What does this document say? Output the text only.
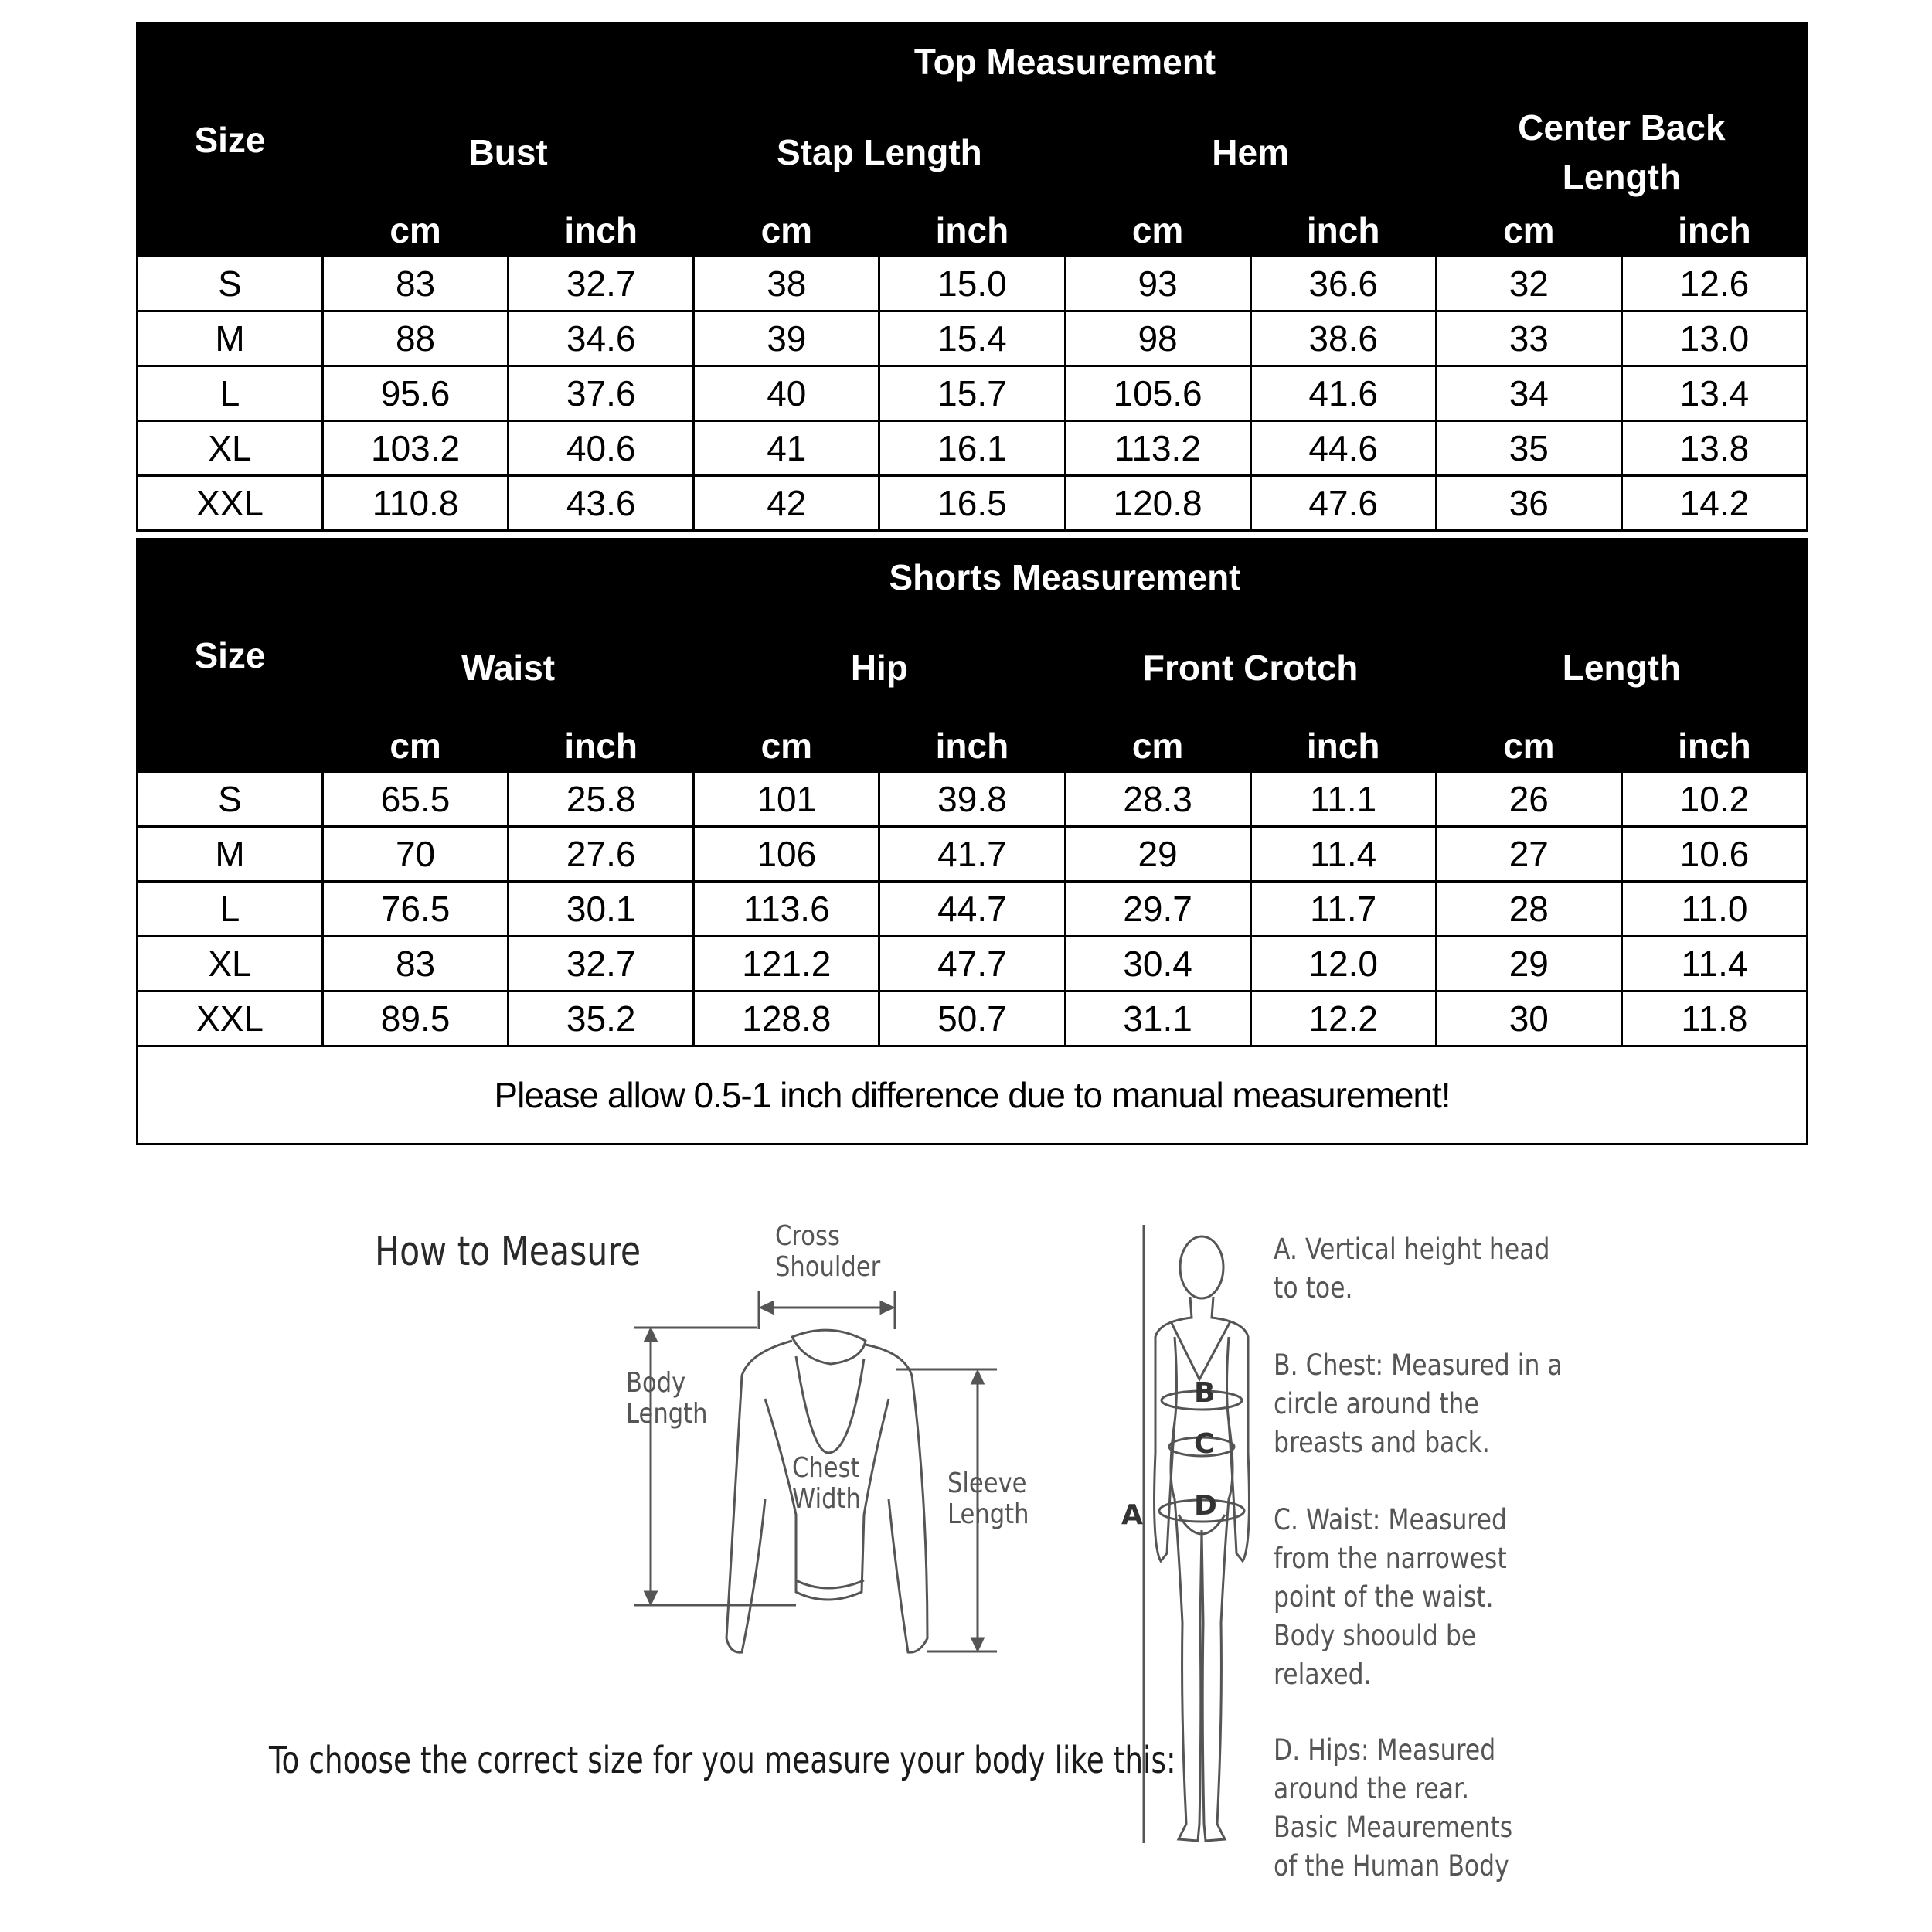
Size	Top Measurement							
	Bust		Stap Length		Hem		Center Back
Length	
	cm	inch	cm	inch	cm	inch	cm	inch
S	83	32.7	38	15.0	93	36.6	32	12.6
M	88	34.6	39	15.4	98	38.6	33	13.0
L	95.6	37.6	40	15.7	105.6	41.6	34	13.4
XL	103.2	40.6	41	16.1	113.2	44.6	35	13.8
XXL	110.8	43.6	42	16.5	120.8	47.6	36	14.2
Size	Shorts Measurement							
	Waist		Hip		Front Crotch		Length	
	cm	inch	cm	inch	cm	inch	cm	inch
S	65.5	25.8	101	39.8	28.3	11.1	26	10.2
M	70	27.6	106	41.7	29	11.4	27	10.6
L	76.5	30.1	113.6	44.7	29.7	11.7	28	11.0
XL	83	32.7	121.2	47.7	30.4	12.0	29	11.4
XXL	89.5	35.2	128.8	50.7	31.1	12.2	30	11.8
Please allow 0.5-1 inch difference due to manual measurement!								
How to Measure	Cross
Shoulder
Body
Length
Chest
Width	Sleeve
Length
To choose the correct size for you measure your body like this:
A
B
C
D
A. Vertical height head
to toe.
B. Chest: Measured in a
circle around the
breasts and back.
C. Waist: Measured
from the narrowest
point of the waist.
Body shoould be
relaxed.
D. Hips: Measured
around the rear.
Basic Meaurements
of the Human Body
